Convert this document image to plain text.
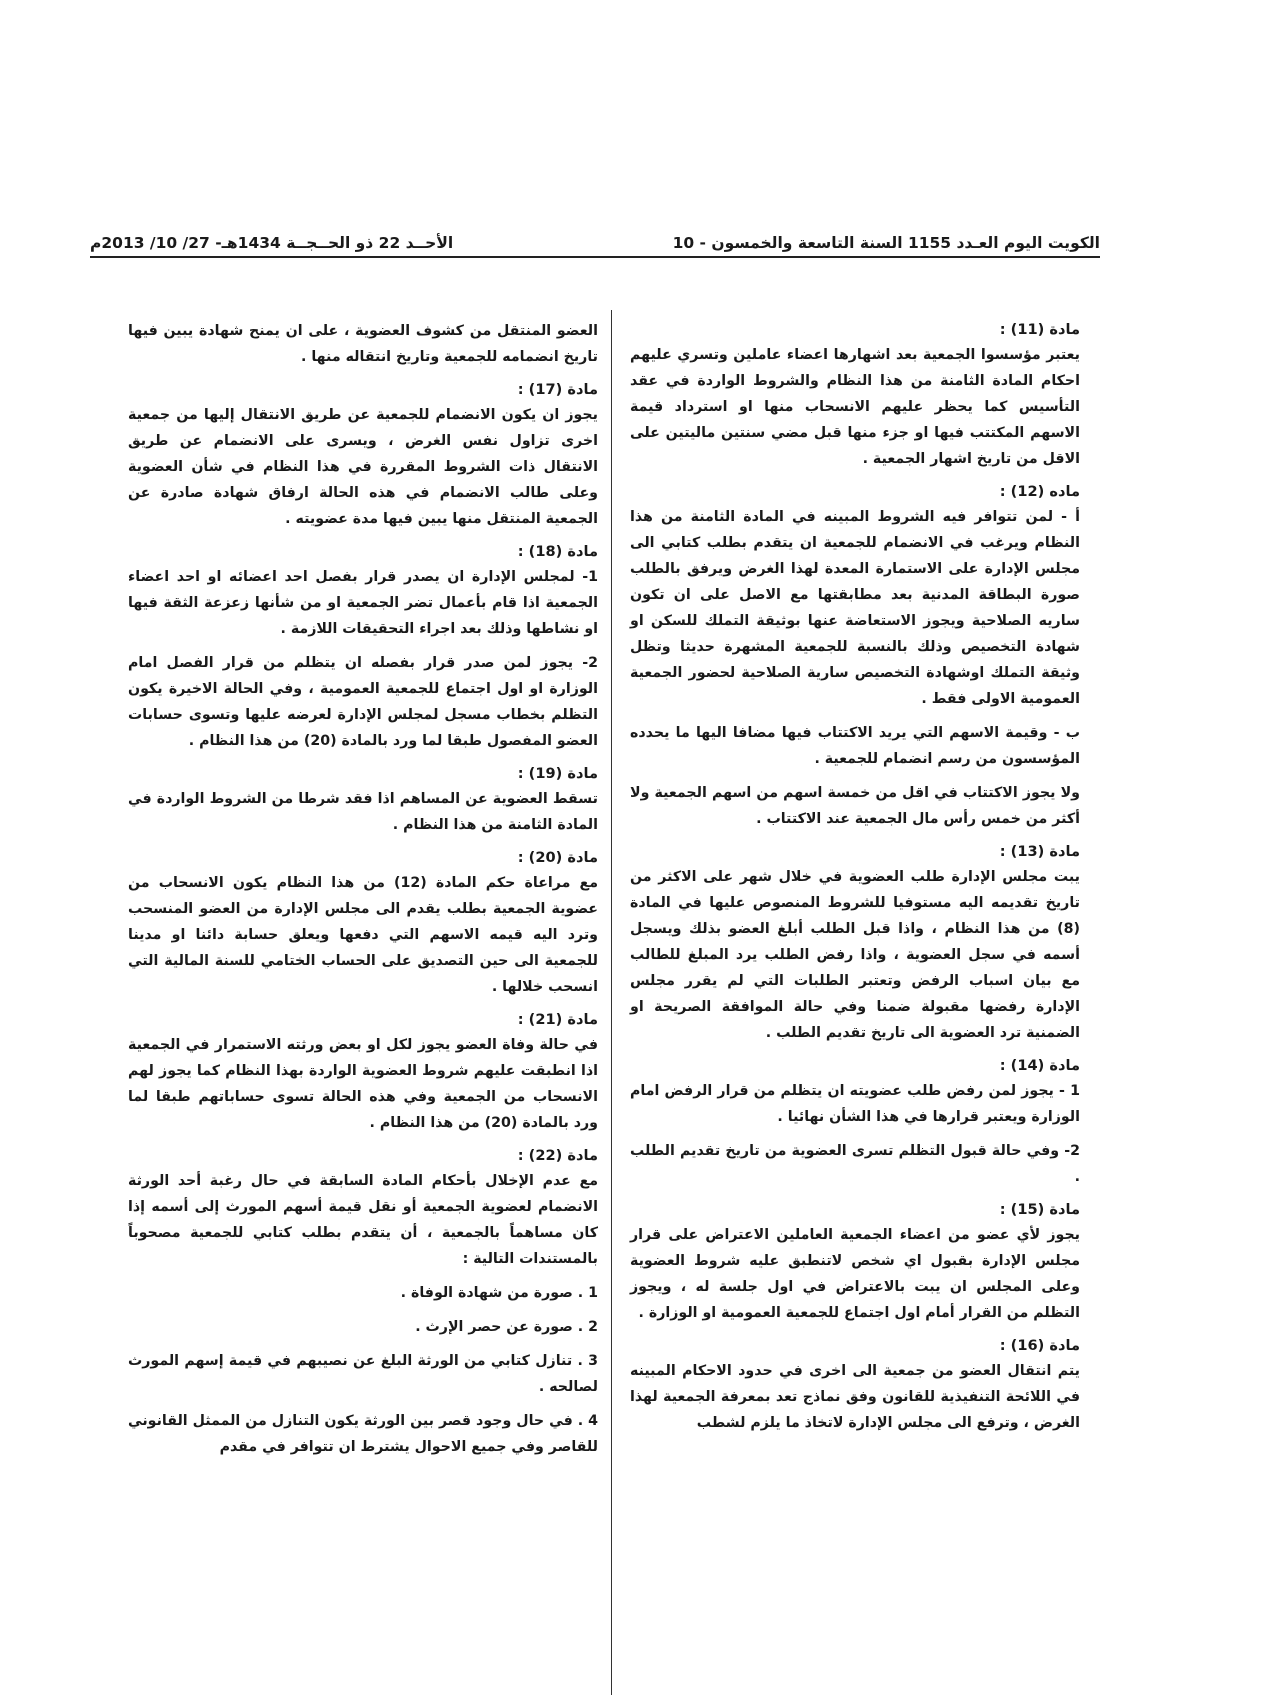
الكويت اليوم العـدد 1155 السنة التاسعة والخمسون - 10
الأحــد 22 ذو الحــجــة 1434هـ- 27/ 10/ 2013م
مادة (11) :

يعتبر مؤسسوا الجمعية بعد اشهارها اعضاء عاملين وتسري عليهم احكام المادة الثامنة من هذا النظام والشروط الواردة في عقد التأسيس كما يحظر عليهم الانسحاب منها او استرداد قيمة الاسهم المكتتب فيها او جزء منها قبل مضي سنتين ماليتين على الاقل من تاريخ اشهار الجمعية .

ماده (12) :

أ - لمن تتوافر فيه الشروط المبينه في المادة الثامنة من هذا النظام ويرغب في الانضمام للجمعية ان يتقدم بطلب كتابي الى مجلس الإدارة على الاستمارة المعدة لهذا الغرض ويرفق بالطلب صورة البطاقة المدنية بعد مطابقتها مع الاصل على ان تكون ساريه الصلاحية ويجوز الاستعاضة عنها بوثيقة التملك للسكن او شهادة التخصيص وذلك بالنسبة للجمعية المشهرة حديثا وتظل وثيقة التملك اوشهادة التخصيص سارية الصلاحية لحضور الجمعية العمومية الاولى فقط .

ب - وقيمة الاسهم التي يريد الاكتتاب فيها مضافا اليها ما يحدده المؤسسون من رسم انضمام للجمعية .

ولا يجوز الاكتتاب في اقل من خمسة اسهم من اسهم الجمعية ولا أكثر من خمس رأس مال الجمعية عند الاكتتاب .

مادة (13) :

يبت مجلس الإدارة طلب العضوية في خلال شهر على الاكثر من تاريخ تقديمه اليه مستوفيا للشروط المنصوص عليها في المادة (8) من هذا النظام ، واذا قبل الطلب أبلغ العضو بذلك ويسجل أسمه في سجل العضوية ، واذا رفض الطلب يرد المبلغ للطالب مع بيان اسباب الرفض وتعتبر الطلبات التي لم يقرر مجلس الإدارة رفضها مقبولة ضمنا وفي حالة الموافقة الصريحة او الضمنية ترد العضوية الى تاريخ تقديم الطلب .

مادة (14) :

1 - يجوز لمن رفض طلب عضويته ان يتظلم من قرار الرفض امام الوزارة ويعتبر قرارها في هذا الشأن نهائيا .

2- وفي حالة قبول التظلم تسرى العضوية من تاريخ تقديم الطلب .

مادة (15) :

يجوز لأي عضو من اعضاء الجمعية العاملين الاعتراض على قرار مجلس الإدارة بقبول اي شخص لاتنطبق عليه شروط العضوية وعلى المجلس ان يبت بالاعتراض في اول جلسة له ، ويجوز التظلم من القرار أمام اول اجتماع للجمعية العمومية او الوزارة .

مادة (16) :

يتم انتقال العضو من جمعية الى اخرى في حدود الاحكام المبينه في اللائحة التنفيذية للقانون وفق نماذج تعد بمعرفة الجمعية لهذا الغرض ، وترفع الى مجلس الإدارة لاتخاذ ما يلزم لشطب

العضو المنتقل من كشوف العضوية ، على ان يمنح شهادة يبين فيها تاريخ انضمامه للجمعية وتاريخ انتقاله منها .

مادة (17) :

يجوز ان يكون الانضمام للجمعية عن طريق الانتقال إليها من جمعية اخرى تزاول نفس الغرض ، ويسرى على الانضمام عن طريق الانتقال ذات الشروط المقررة في هذا النظام في شأن العضوية وعلى طالب الانضمام في هذه الحالة ارفاق شهادة صادرة عن الجمعية المنتقل منها يبين فيها مدة عضويته .

مادة (18) :

1- لمجلس الإدارة ان يصدر قرار بفصل احد اعضائه او احد اعضاء الجمعية اذا قام بأعمال تضر الجمعية او من شأنها زعزعة الثقة فيها او نشاطها وذلك بعد اجراء التحقيقات اللازمة .

2- يجوز لمن صدر قرار بفصله ان يتظلم من قرار الفصل امام الوزارة او اول اجتماع للجمعية العمومية ، وفي الحالة الاخيرة يكون التظلم بخطاب مسجل لمجلس الإدارة لعرضه عليها وتسوى حسابات العضو المفصول طبقا لما ورد بالمادة (20) من هذا النظام .

مادة (19) :

تسقط العضوية عن المساهم اذا فقد شرطا من الشروط الواردة في المادة الثامنة من هذا النظام .

مادة (20) :

مع مراعاة حكم المادة (12) من هذا النظام يكون الانسحاب من عضوية الجمعية بطلب يقدم الى مجلس الإدارة من العضو المنسحب وترد اليه قيمه الاسهم التي دفعها ويعلق حسابة دائنا او مدينا للجمعية الى حين التصديق على الحساب الختامي للسنة المالية التي انسحب خلالها .

مادة (21) :

في حالة وفاة العضو يجوز لكل او بعض ورثته الاستمرار في الجمعية اذا انطبقت عليهم شروط العضوية الواردة بهذا النظام كما يجوز لهم الانسحاب من الجمعية وفي هذه الحالة تسوى حساباتهم طبقا لما ورد بالمادة (20) من هذا النظام .

مادة (22) :

مع عدم الإخلال بأحكام المادة السابقة في حال رغبة أحد الورثة الانضمام لعضوية الجمعية أو نقل قيمة أسهم المورث إلى أسمه إذا كان مساهماً بالجمعية ، أن يتقدم بطلب كتابي للجمعية مصحوباً بالمستندات التالية :

1 . صورة من شهادة الوفاة .

2 . صورة عن حصر الإرث .

3 . تنازل كتابي من الورثة البلغ عن نصيبهم في قيمة إسهم المورث لصالحه .

4 . في حال وجود قصر بين الورثة يكون التنازل من الممثل القانوني للقاصر وفي جميع الاحوال يشترط ان تتوافر في مقدم
